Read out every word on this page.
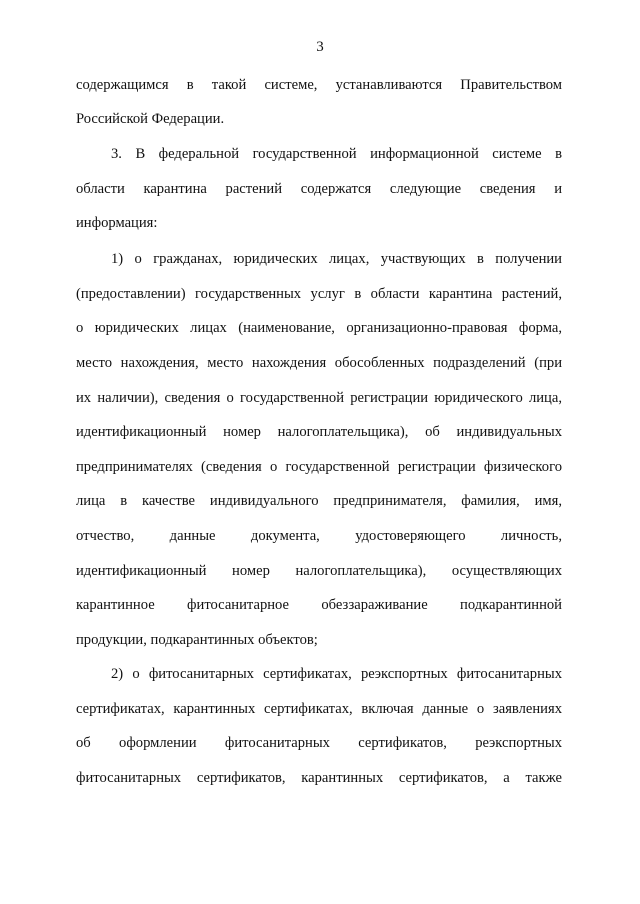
3
содержащимся в такой системе, устанавливаются Правительством
Российской Федерации.
3. В федеральной государственной информационной системе в
области карантина растений содержатся следующие сведения и
информация:
1) о гражданах, юридических лицах, участвующих в получении
(предоставлении) государственных услуг в области карантина растений,
о юридических лицах (наименование, организационно-правовая форма,
место нахождения, место нахождения обособленных подразделений (при
их наличии), сведения о государственной регистрации юридического лица,
идентификационный номер налогоплательщика), об индивидуальных
предпринимателях (сведения о государственной регистрации физического
лица в качестве индивидуального предпринимателя, фамилия, имя,
отчество, данные документа, удостоверяющего личность,
идентификационный номер налогоплательщика), осуществляющих
карантинное фитосанитарное обеззараживание подкарантинной
продукции, подкарантинных объектов;
2) о фитосанитарных сертификатах, реэкспортных фитосанитарных
сертификатах, карантинных сертификатах, включая данные о заявлениях
об оформлении фитосанитарных сертификатов, реэкспортных
фитосанитарных сертификатов, карантинных сертификатов, а также
